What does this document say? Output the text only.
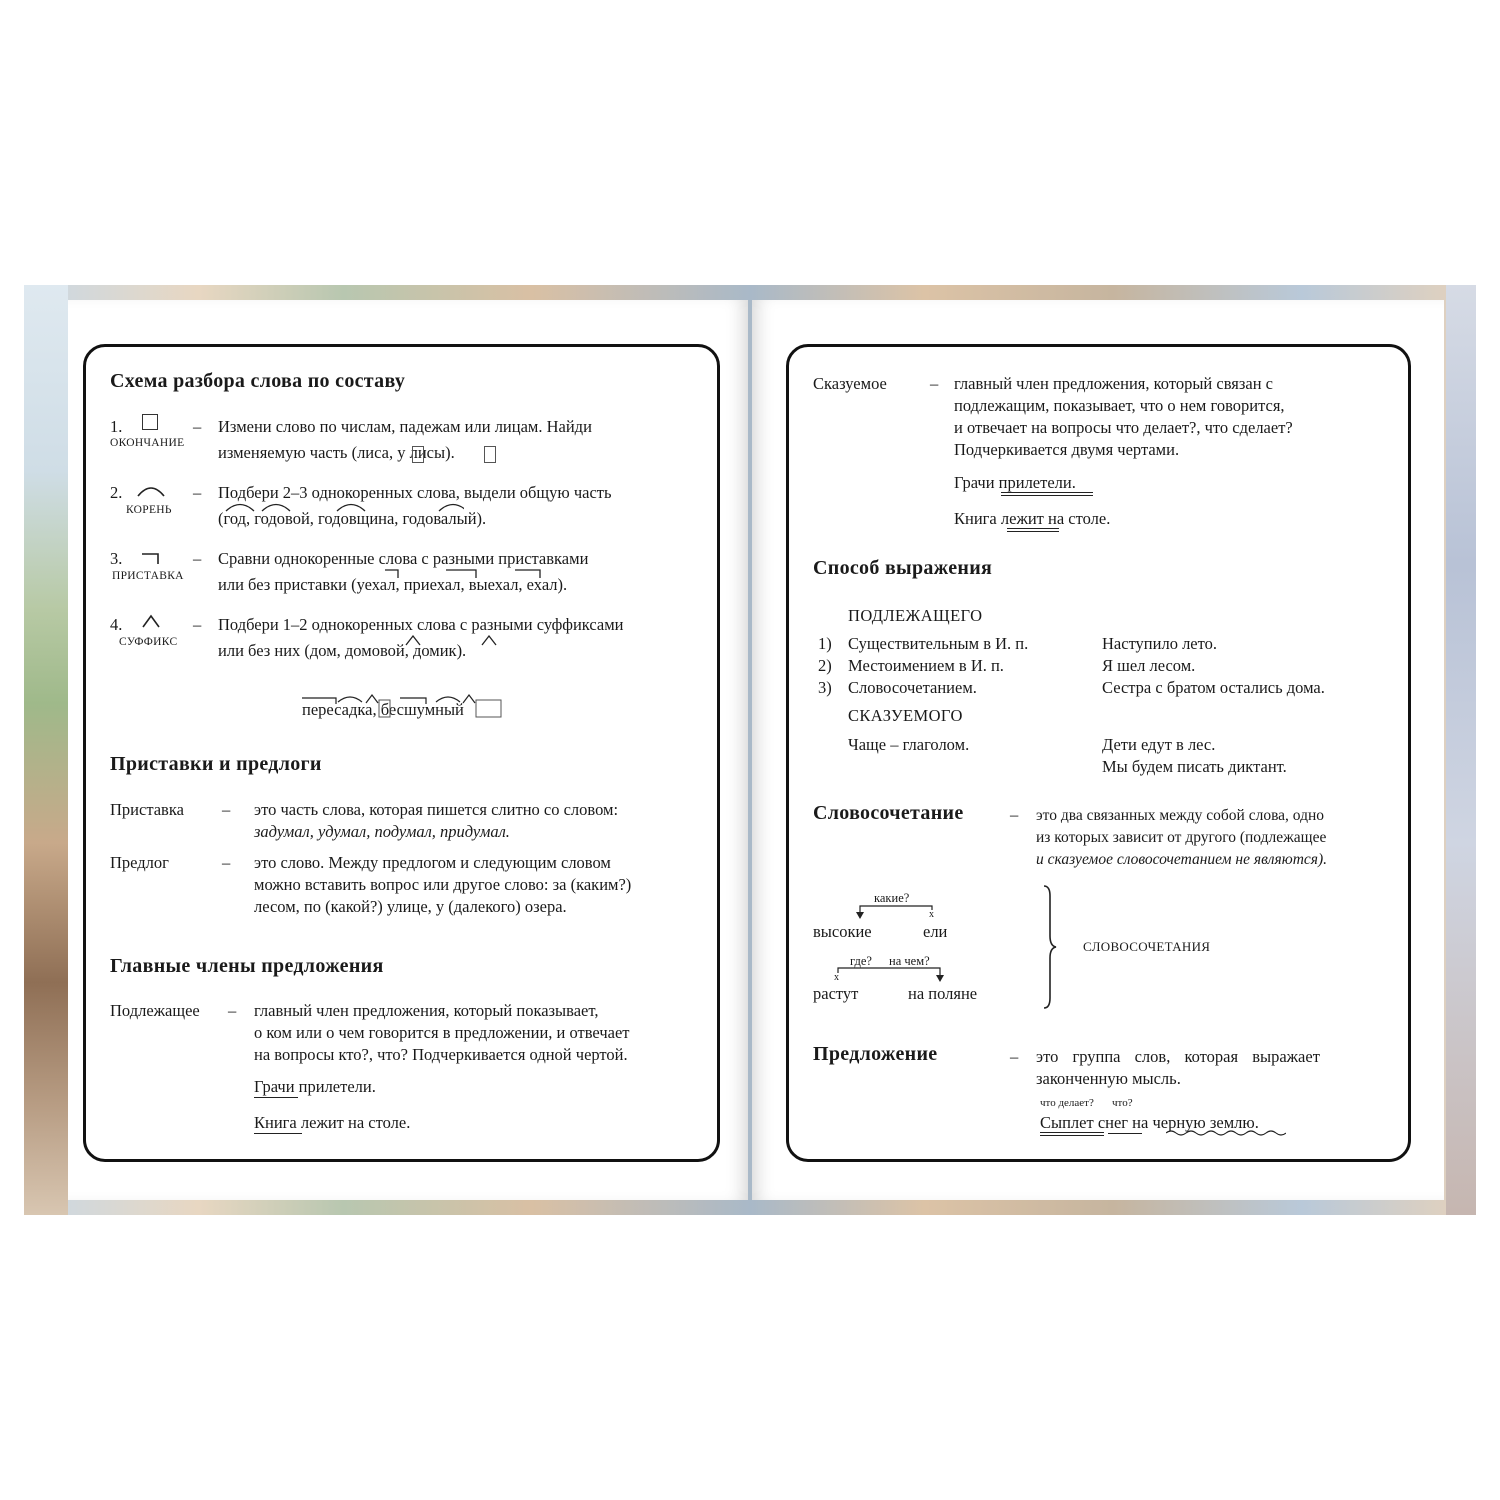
Схема разбора слова по составу
1.
ОКОНЧАНИЕ
– Измени слово по числам, падежам или лицам. Найди
изменяемую часть (лиса, у лисы).
2.
КОРЕНЬ
– Подбери 2–3 однокоренных слова, выдели общую часть
(год, годовой, годовщина, годовалый).
3.
ПРИСТАВКА
– Сравни однокоренные слова с разными приставками
или без приставки (уехал, приехал, выехал, ехал).
4.
СУФФИКС
– Подбери 1–2 однокоренных слова с разными суффиксами
или без них (дом, домовой, домик).
пересадка, бесшумный
Приставки и предлоги
Приставка – это часть слова, которая пишется слитно со словом:
задумал, удумал, подумал, придумал.
Предлог	– это слово. Между предлогом и следующим словом
можно вставить вопрос или другое слово: за (каким?)
лесом, по (какой?) улице, у (далекого) озера.
Главные члены предложения
Подлежащее – главный член предложения, который показывает,
о ком или о чем говорится в предложении, и отвечает
на вопросы кто?, что? Подчеркивается одной чертой.
Грачи прилетели.
Книга лежит на столе.
Сказуемое	– главный член предложения, который связан с
подлежащим, показывает, что о нем говорится,
и отвечает на вопросы что делает?, что сделает?
Подчеркивается двумя чертами.
Грачи прилетели.
Книга лежит на столе.
Способ выражения
ПОДЛЕЖАЩЕГО
1) Существительным в И. п.	Наступило лето.
2) Местоимением в И. п.	Я шел лесом.
3) Словосочетанием.	Сестра с братом остались дома.
СКАЗУЕМОГО
Чаще – глаголом.	Дети едут в лес.
Мы будем писать диктант.
Словосочетание	– это два связанных между собой слова, одно
из которых зависит от другого (подлежащее
и сказуемое словосочетанием не являются).
какие?
x
высокие	ели
где? на чем?
x
растут	на поляне
СЛОВОСОЧЕТАНИЯ
Предложение	– это группа слов, которая выражает
законченную мысль.
что делает? что?
Сыплет снег на черную землю.
